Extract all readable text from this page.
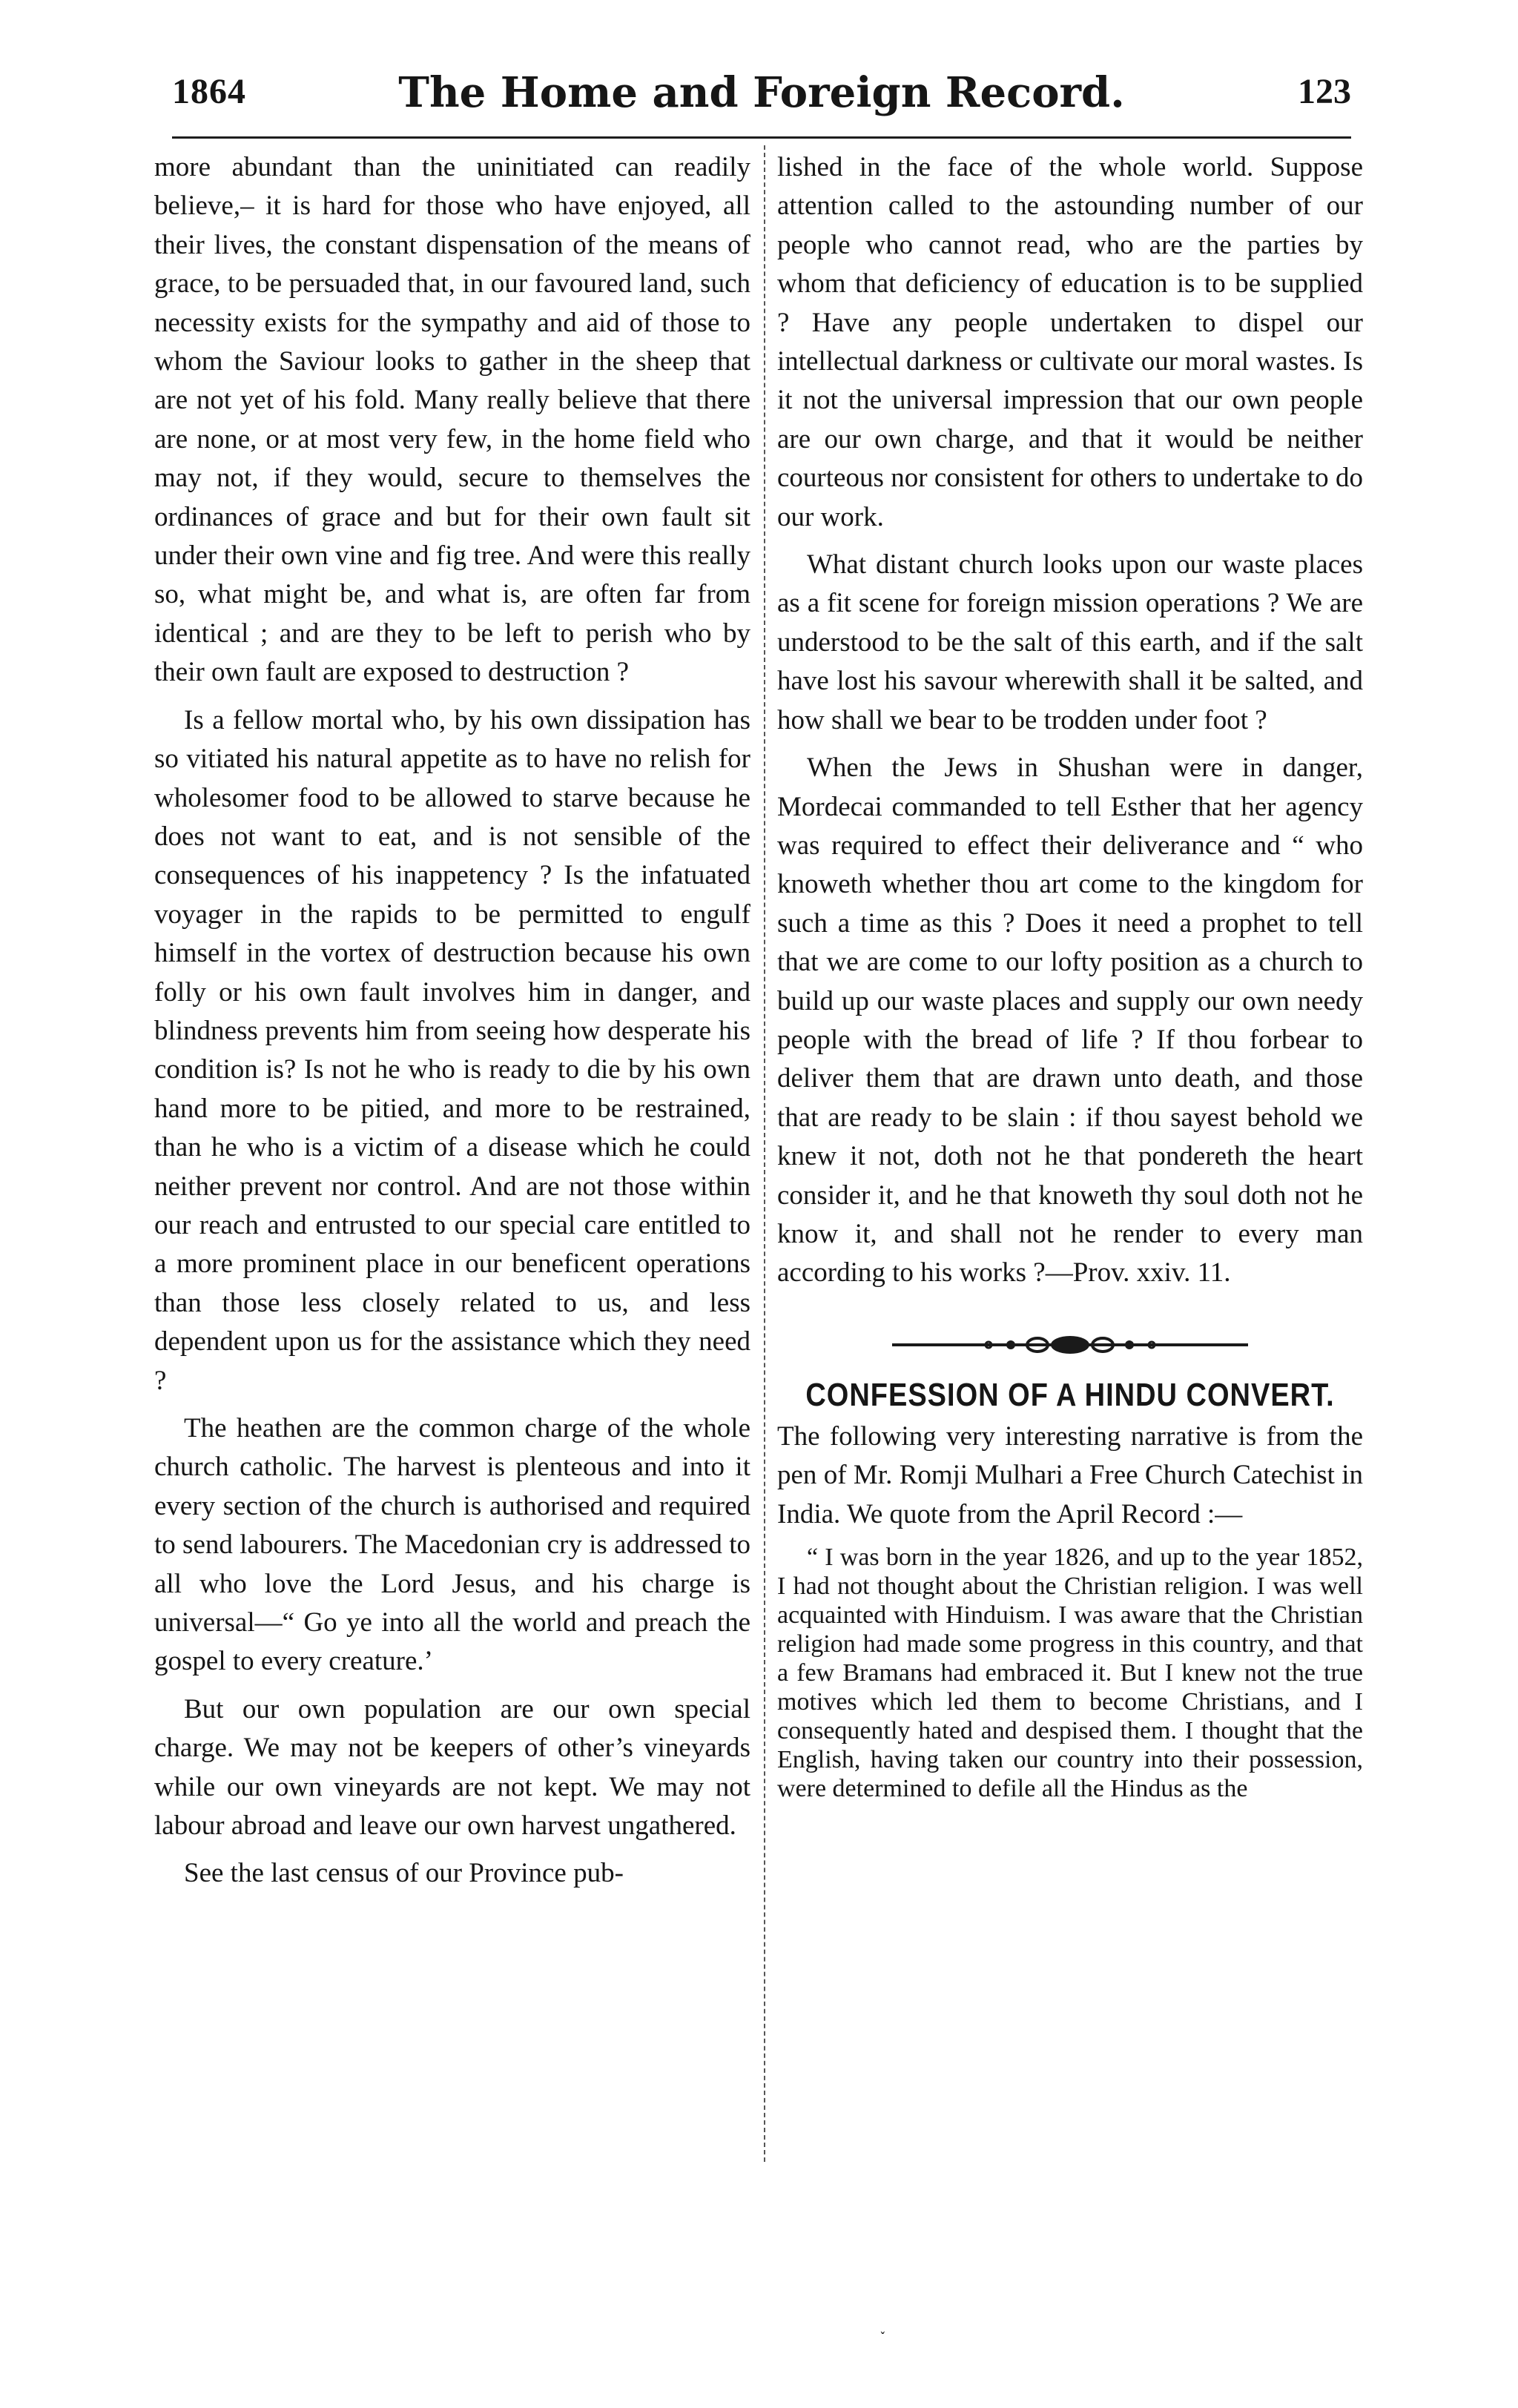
1864	The Home and Foreign Record.	123

more abundant than the uninitiated can readily believe,– it is hard for those who have enjoyed, all their lives, the constant dispensation of the means of grace, to be persuaded that, in our favoured land, such necessity exists for the sympathy and aid of those to whom the Saviour looks to gather in the sheep that are not yet of his fold. Many really believe that there are none, or at most very few, in the home field who may not, if they would, secure to themselves the ordinances of grace and but for their own fault sit under their own vine and fig tree. And were this really so, what might be, and what is, are often far from identical ; and are they to be left to perish who by their own fault are exposed to destruction ?

Is a fellow mortal who, by his own dissipation has so vitiated his natural appetite as to have no relish for wholesomer food to be allowed to starve because he does not want to eat, and is not sensible of the consequences of his inappetency ? Is the infatuated voyager in the rapids to be permitted to engulf himself in the vortex of destruction because his own folly or his own fault involves him in danger, and blindness prevents him from seeing how desperate his condition is? Is not he who is ready to die by his own hand more to be pitied, and more to be restrained, than he who is a victim of a disease which he could neither prevent nor control. And are not those within our reach and entrusted to our special care entitled to a more prominent place in our beneficent operations than those less closely related to us, and less dependent upon us for the assistance which they need ?

The heathen are the common charge of the whole church catholic. The harvest is plenteous and into it every section of the church is authorised and required to send labourers. The Macedonian cry is addressed to all who love the Lord Jesus, and his charge is universal—“ Go ye into all the world and preach the gospel to every creature.’

But our own population are our own special charge. We may not be keepers of other’s vineyards while our own vineyards are not kept. We may not labour abroad and leave our own harvest ungathered.

See the last census of our Province pub-

lished in the face of the whole world. Suppose attention called to the astounding number of our people who cannot read, who are the parties by whom that deficiency of education is to be supplied ? Have any people undertaken to dispel our intellectual darkness or cultivate our moral wastes. Is it not the universal impression that our own people are our own charge, and that it would be neither courteous nor consistent for others to undertake to do our work.

What distant church looks upon our waste places as a fit scene for foreign mission operations ? We are understood to be the salt of this earth, and if the salt have lost his savour wherewith shall it be salted, and how shall we bear to be trodden under foot ?

When the Jews in Shushan were in danger, Mordecai commanded to tell Esther that her agency was required to effect their deliverance and “ who knoweth whether thou art come to the kingdom for such a time as this ? Does it need a prophet to tell that we are come to our lofty position as a church to build up our waste places and supply our own needy people with the bread of life ? If thou forbear to deliver them that are drawn unto death, and those that are ready to be slain : if thou sayest behold we knew it not, doth not he that pondereth the heart consider it, and he that knoweth thy soul doth not he know it, and shall not he render to every man according to his works ?—Prov. xxiv. 11.

CONFESSION OF A HINDU CONVERT.

The following very interesting narrative is from the pen of Mr. Romji Mulhari a Free Church Catechist in India. We quote from the April Record :—

“ I was born in the year 1826, and up to the year 1852, I had not thought about the Christian religion. I was well acquainted with Hinduism. I was aware that the Christian religion had made some progress in this country, and that a few Bramans had embraced it. But I knew not the true motives which led them to become Christians, and I consequently hated and despised them. I thought that the English, having taken our country into their possession, were determined to defile all the Hindus as the

˯
